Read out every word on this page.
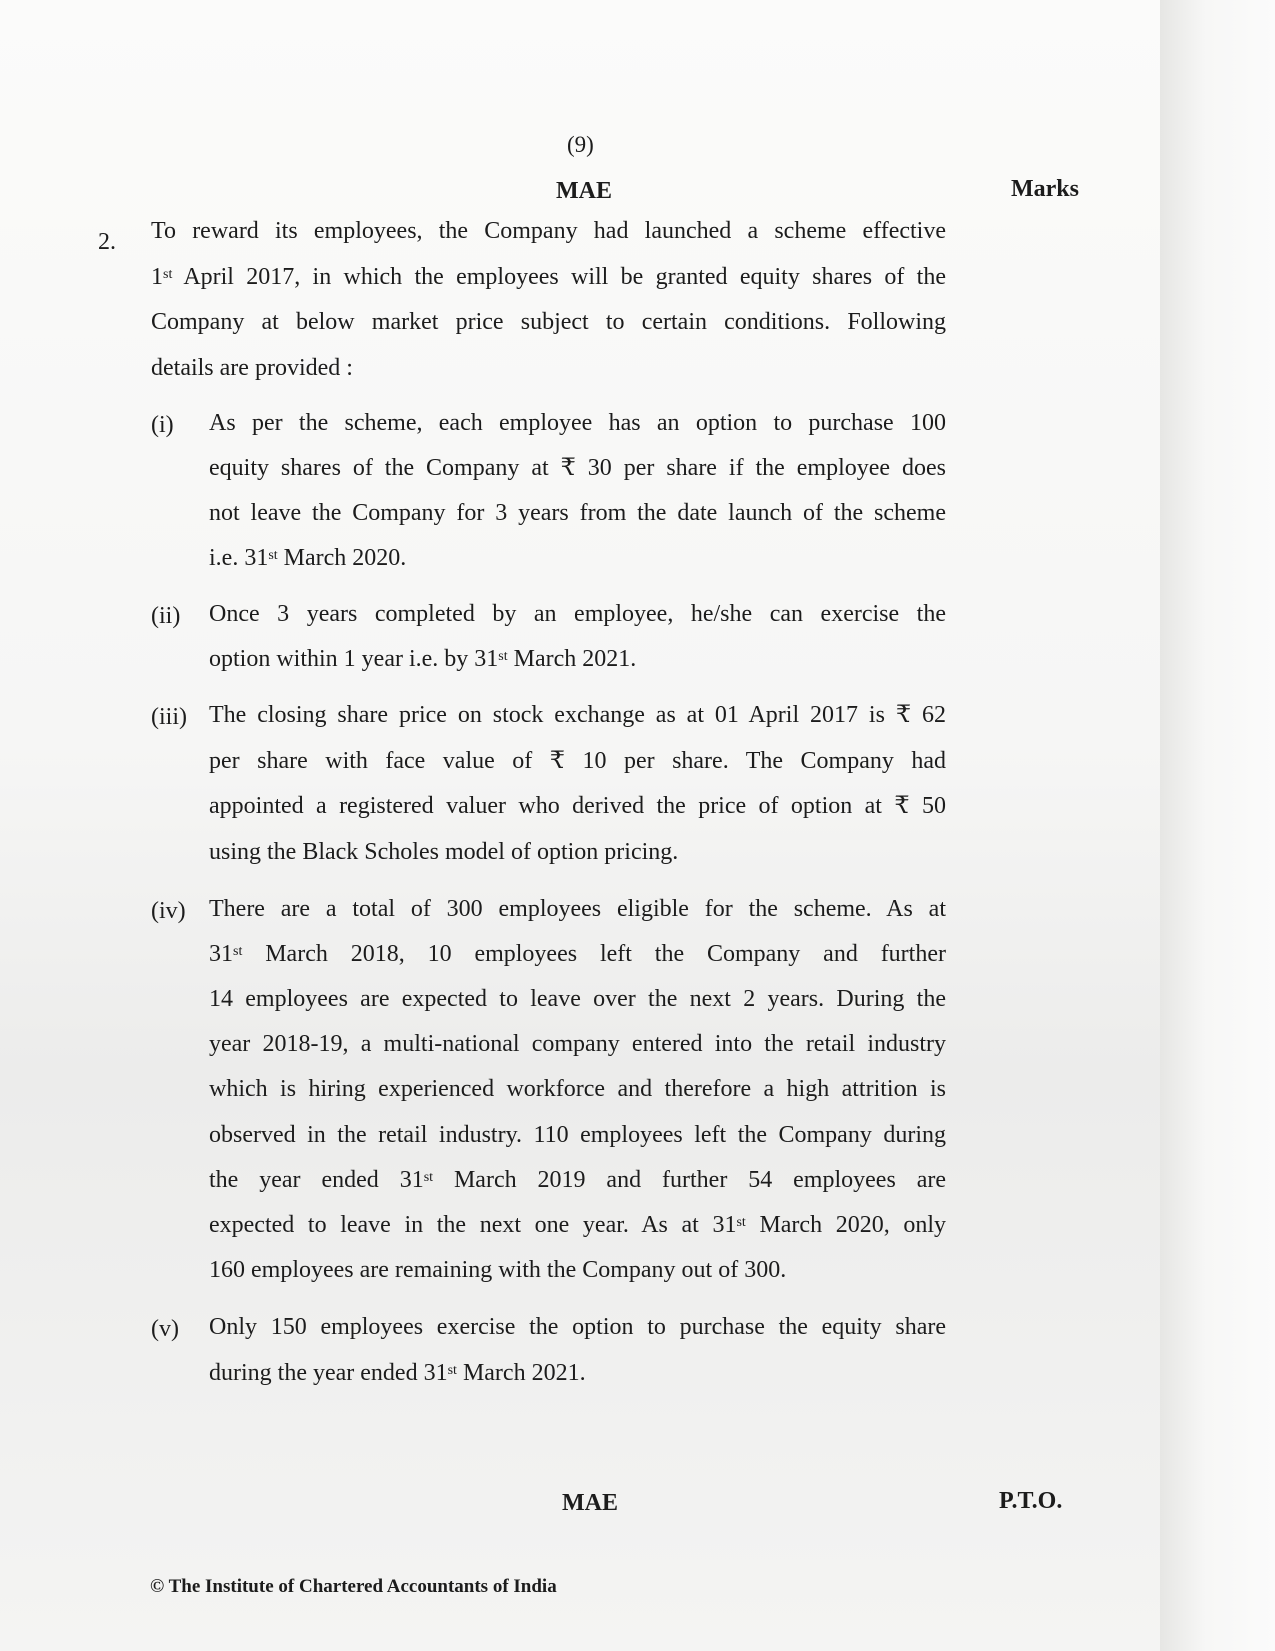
(9)
MAE	Marks
2. To reward its employees, the Company had launched a scheme effective
1st April 2017, in which the employees will be granted equity shares of the
Company at below market price subject to certain conditions. Following
details are provided :
(i) As per the scheme, each employee has an option to purchase 100
equity shares of the Company at ₹ 30 per share if the employee does
not leave the Company for 3 years from the date launch of the scheme
i.e. 31st March 2020.
(ii) Once 3 years completed by an employee, he/she can exercise the
option within 1 year i.e. by 31st March 2021.
(iii) The closing share price on stock exchange as at 01 April 2017 is ₹ 62
per share with face value of ₹ 10 per share. The Company had
appointed a registered valuer who derived the price of option at ₹ 50
using the Black Scholes model of option pricing.
(iv) There are a total of 300 employees eligible for the scheme. As at
31st March 2018, 10 employees left the Company and further
14 employees are expected to leave over the next 2 years. During the
year 2018-19, a multi-national company entered into the retail industry
which is hiring experienced workforce and therefore a high attrition is
observed in the retail industry. 110 employees left the Company during
the year ended 31st March 2019 and further 54 employees are
expected to leave in the next one year. As at 31st March 2020, only
160 employees are remaining with the Company out of 300.
(v) Only 150 employees exercise the option to purchase the equity share
during the year ended 31st March 2021.
MAE	P.T.O.
© The Institute of Chartered Accountants of India
